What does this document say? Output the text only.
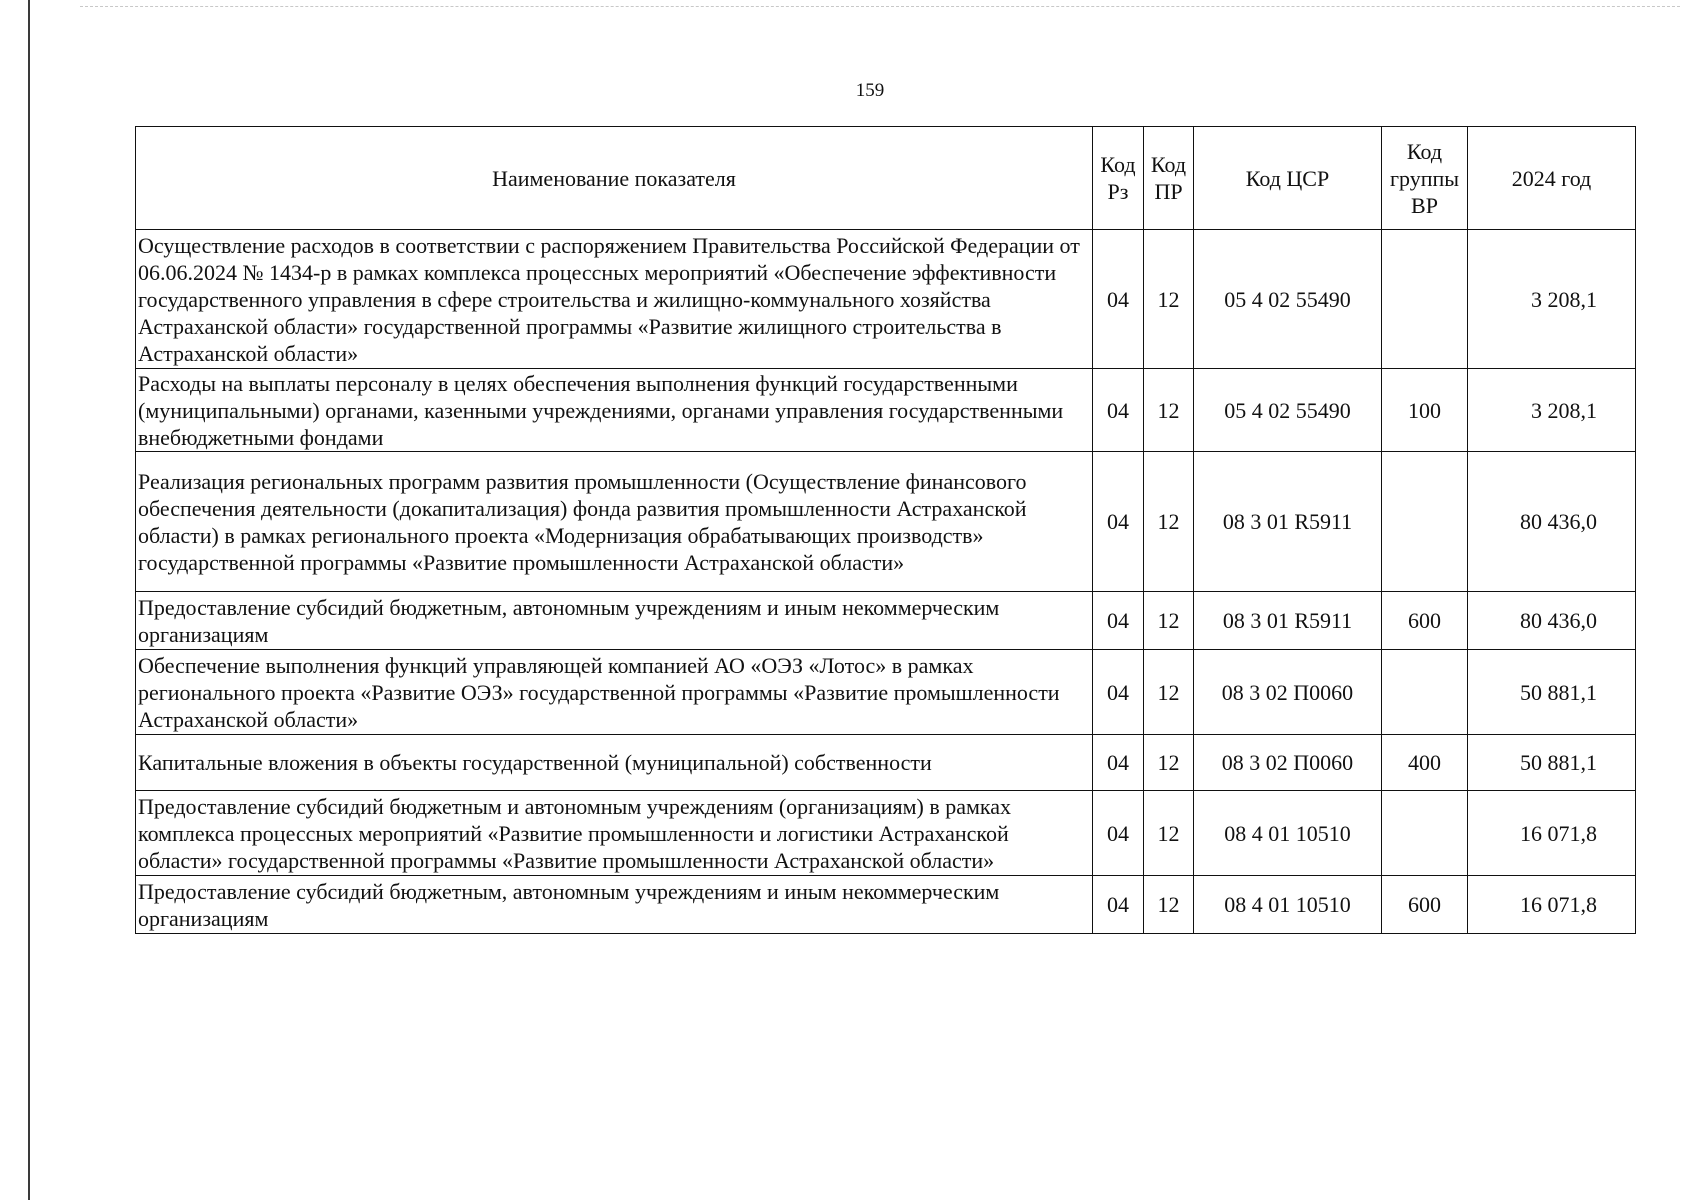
159
Наименование показателя	Код Рз	Код ПР	Код ЦСР	Код группы ВР	2024 год
Осуществление расходов в соответствии с распоряжением Правительства Российской Федерации от 06.06.2024 № 1434-р в рамках комплекса процессных мероприятий «Обеспечение эффективности государственного управления в сфере строительства и жилищно-коммунального хозяйства Астраханской области» государственной программы «Развитие жилищного строительства в Астраханской области»	04	12	05 4 02 55490		3 208,1
Расходы на выплаты персоналу в целях обеспечения выполнения функций государственными (муниципальными) органами, казенными учреждениями, органами управления государственными внебюджетными фондами	04	12	05 4 02 55490	100	3 208,1
Реализация региональных программ развития промышленности (Осуществление финансового обеспечения деятельности (докапитализация) фонда развития промышленности Астраханской области) в рамках регионального проекта «Модернизация обрабатывающих производств» государственной программы «Развитие промышленности Астраханской области»	04	12	08 3 01 R5911		80 436,0
Предоставление субсидий бюджетным, автономным учреждениям и иным некоммерческим организациям	04	12	08 3 01 R5911	600	80 436,0
Обеспечение выполнения функций управляющей компанией АО «ОЭЗ «Лотос» в рамках регионального проекта «Развитие ОЭЗ» государственной программы «Развитие промышленности Астраханской области»	04	12	08 3 02 П0060		50 881,1
Капитальные вложения в объекты государственной (муниципальной) собственности	04	12	08 3 02 П0060	400	50 881,1
Предоставление субсидий бюджетным и автономным учреждениям (организациям) в рамках комплекса процессных мероприятий «Развитие промышленности и логистики Астраханской области» государственной программы «Развитие промышленности Астраханской области»	04	12	08 4 01 10510		16 071,8
Предоставление субсидий бюджетным, автономным учреждениям и иным некоммерческим организациям	04	12	08 4 01 10510	600	16 071,8
